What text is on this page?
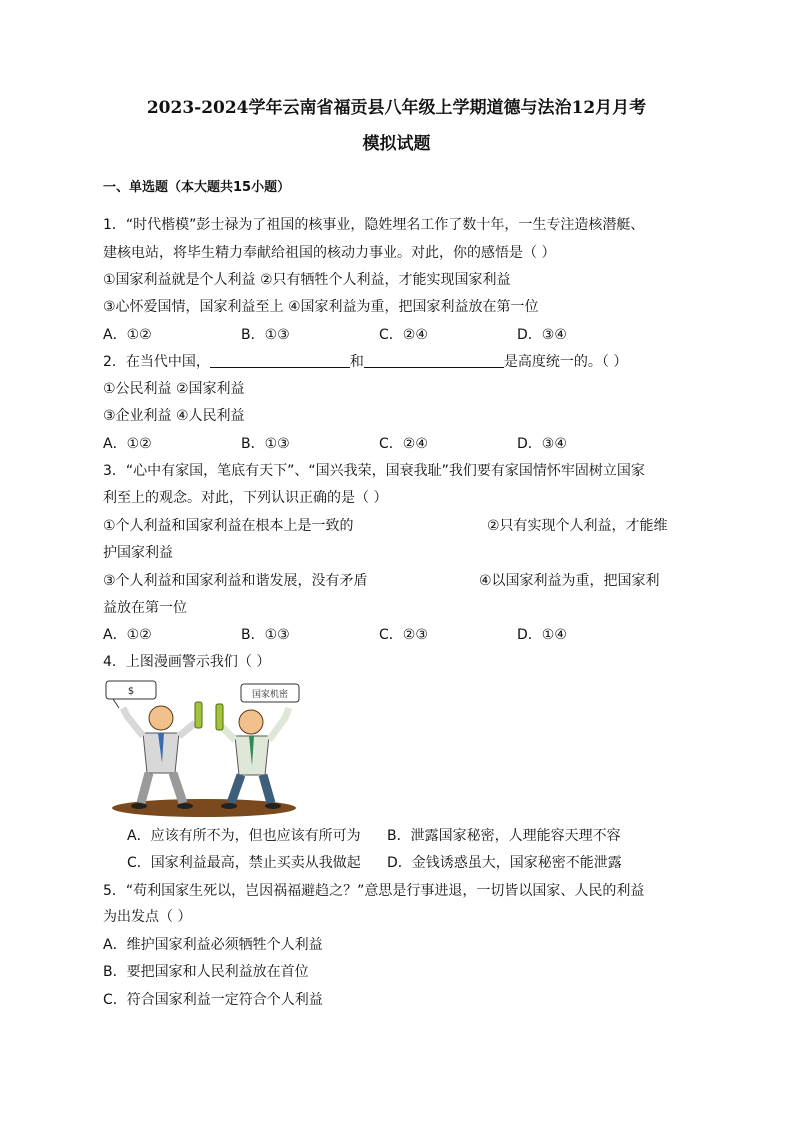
2023-2024学年云南省福贡县八年级上学期道德与法治12月月考
模拟试题
一、单选题（本大题共15小题）
1．“时代楷模”彭士禄为了祖国的核事业，隐姓埋名工作了数十年，一生专注造核潜艇、
建核电站，将毕生精力奉献给祖国的核动力事业。对此，你的感悟是（ ）
①国家利益就是个人利益 ②只有牺牲个人利益，才能实现国家利益
③心怀爱国情，国家利益至上 ④国家利益为重，把国家利益放在第一位
A．①②	B．①③	C．②④	D．③④
2．在当代中国，	和	是高度统一的。（ ）
①公民利益 ②国家利益
③企业利益 ④人民利益
A．①②	B．①③	C．②④	D．③④
3．“心中有家国，笔底有天下”、“国兴我荣，国衰我耻”我们要有家国情怀牢固树立国家
利至上的观念。对此，下列认识正确的是（ ）
①个人利益和国家利益在根本上是一致的	②只有实现个人利益，才能维
护国家利益
③个人利益和国家利益和谐发展，没有矛盾	④以国家利益为重，把国家利
益放在第一位
A．①②	B．①③	C．②③	D．①④
4．上图漫画警示我们（ ）
$	国家机密
A．应该有所不为，但也应该有所可为 B．泄露国家秘密，人理能容天理不容
C．国家利益最高，禁止买卖从我做起 D．金钱诱惑虽大，国家秘密不能泄露
5．“苟利国家生死以，岂因祸福避趋之？”意思是行事进退，一切皆以国家、人民的利益
为出发点（ ）
A．维护国家利益必须牺牲个人利益
B．要把国家和人民利益放在首位
C．符合国家利益一定符合个人利益
